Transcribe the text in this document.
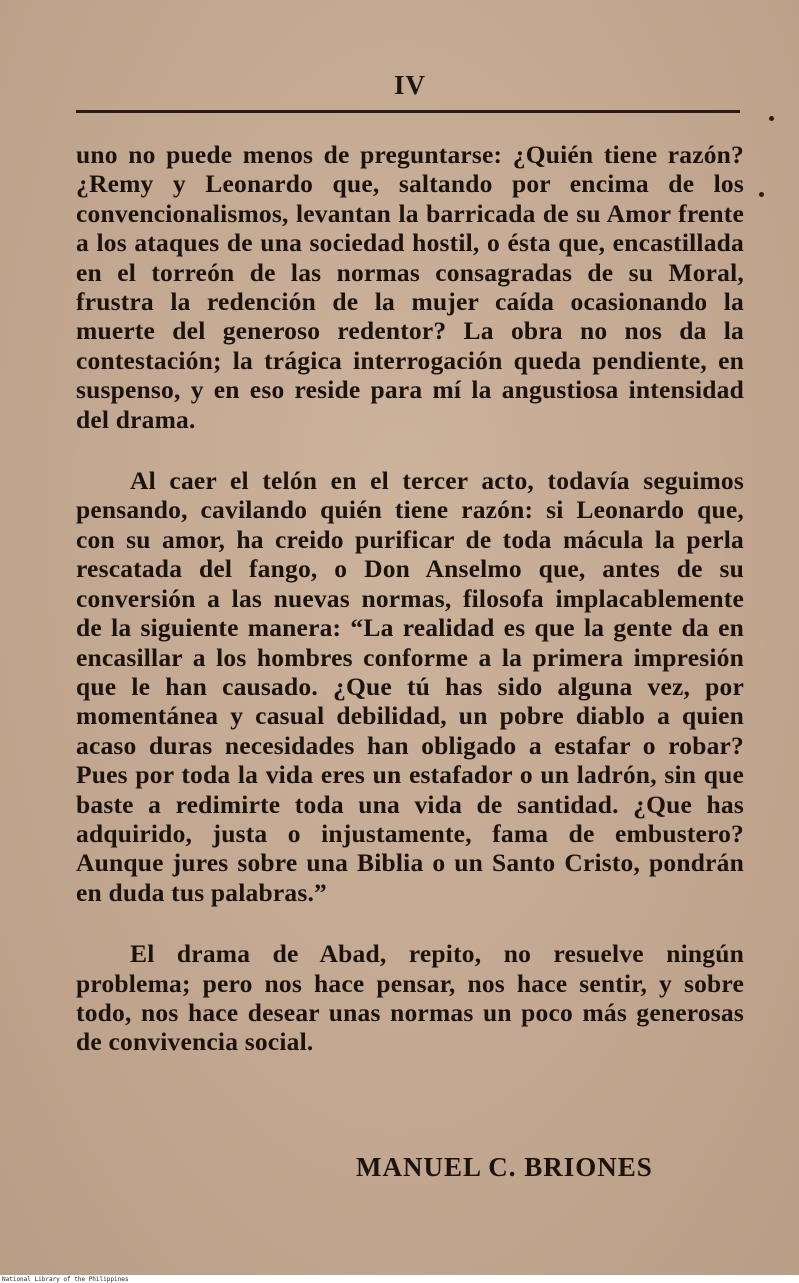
IV

uno no puede menos de preguntarse: ¿Quién tiene razón? ¿Remy y Leonardo que, saltando por encima de los convencionalismos, levantan la barricada de su Amor frente a los ataques de una sociedad hostil, o ésta que, encastillada en el torreón de las normas consagradas de su Moral, frustra la redención de la mujer caída ocasionando la muerte del generoso redentor? La obra no nos da la contestación; la trágica interrogación queda pendiente, en suspenso, y en eso reside para mí la angustiosa intensidad del drama.

Al caer el telón en el tercer acto, todavía seguimos pensando, cavilando quién tiene razón: si Leonardo que, con su amor, ha creido purificar de toda mácula la perla rescatada del fango, o Don Anselmo que, antes de su conversión a las nuevas normas, filosofa implacablemente de la siguiente manera: “La realidad es que la gente da en encasillar a los hombres conforme a la primera impresión que le han causado. ¿Que tú has sido alguna vez, por momentánea y casual debilidad, un pobre diablo a quien acaso duras necesidades han obligado a estafar o robar? Pues por toda la vida eres un estafador o un ladrón, sin que baste a redimirte toda una vida de santidad. ¿Que has adquirido, justa o injustamente, fama de embustero? Aunque jures sobre una Biblia o un Santo Cristo, pondrán en duda tus palabras.”

El drama de Abad, repito, no resuelve ningún problema; pero nos hace pensar, nos hace sentir, y sobre todo, nos hace desear unas normas un poco más generosas de convivencia social.

MANUEL C. BRIONES
National Library of the Philippines
